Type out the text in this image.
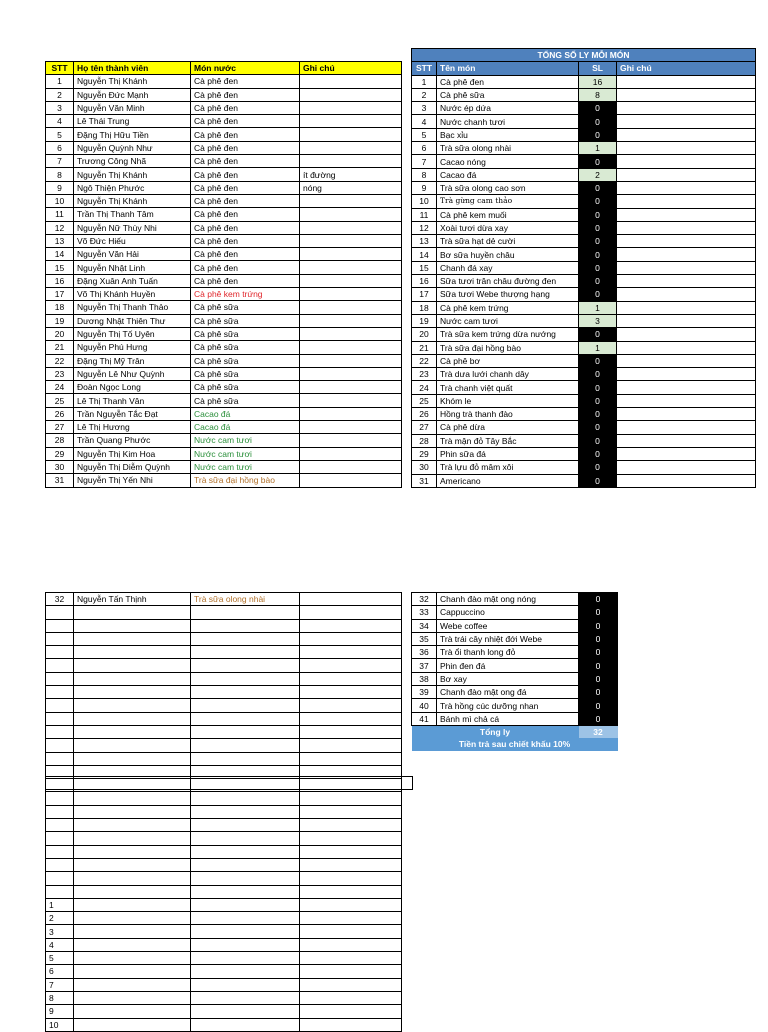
STT	Họ tên thành viên	Món nước	Ghi chú
1	Nguyễn Thị Khánh	Cà phê đen	
2	Nguyễn Đức Mạnh	Cà phê đen	
3	Nguyễn Văn Minh	Cà phê đen	
4	Lê Thái Trung	Cà phê đen	
5	Đặng Thị Hữu Tiền	Cà phê đen	
6	Nguyễn Quỳnh Như	Cà phê đen	
7	Trương Công Nhã	Cà phê đen	
8	Nguyễn Thị Khánh	Cà phê đen	ít đường
9	Ngô Thiện Phước	Cà phê đen	nóng
10	Nguyễn Thị Khánh	Cà phê đen	
11	Trần Thị Thanh Tâm	Cà phê đen	
12	Nguyễn Nữ Thùy Nhi	Cà phê đen	
13	Võ Đức Hiếu	Cà phê đen	
14	Nguyễn Văn Hải	Cà phê đen	
15	Nguyễn Nhật Linh	Cà phê đen	
16	Đặng Xuân Anh Tuấn	Cà phê đen	
17	Võ Thị Khánh Huyền	Cà phê kem trứng	
18	Nguyễn Thị Thanh Thảo	Cà phê sữa	
19	Dương Nhật Thiên Thư	Cà phê sữa	
20	Nguyễn Thị Tố Uyên	Cà phê sữa	
21	Nguyễn Phú Hưng	Cà phê sữa	
22	Đặng Thị Mỹ Trân	Cà phê sữa	
23	Nguyễn Lê Như Quỳnh	Cà phê sữa	
24	Đoàn Ngọc Long	Cà phê sữa	
25	Lê Thị Thanh Vân	Cà phê sữa	
26	Trần Nguyễn Tắc Đạt	Cacao đá	
27	Lê Thị Hương	Cacao đá	
28	Trần Quang Phước	Nước cam tươi	
29	Nguyễn Thị Kim Hoa	Nước cam tươi	
30	Nguyễn Thị Diễm Quỳnh	Nước cam tươi	
31	Nguyễn Thị Yến Nhi	Trà sữa đại hồng bào	
TỔNG SỐ LY MỖI MÓN			
STT	Tên món	SL	Ghi chú
1	Cà phê đen	16	
2	Cà phê sữa	8	
3	Nước ép dứa	0	
4	Nước chanh tươi	0	
5	Bạc xỉu	0	
6	Trà sữa olong nhài	1	
7	Cacao nóng	0	
8	Cacao đá	2	
9	Trà sữa olong cao sơn	0	
10	Trà gừng cam thảo	0	
11	Cà phê kem muối	0	
12	Xoài tươi dừa xay	0	
13	Trà sữa hạt dẻ cười	0	
14	Bơ sữa huyền châu	0	
15	Chanh đá xay	0	
16	Sữa tươi trân châu đường đen	0	
17	Sữa tươi Webe thượng hạng	0	
18	Cà phê kem trứng	1	
19	Nước cam tươi	3	
20	Trà sữa kem trứng dừa nướng	0	
21	Trà sữa đại hồng bào	1	
22	Cà phê bơ	0	
23	Trà dưa lưới chanh dây	0	
24	Trà chanh việt quất	0	
25	Khóm le	0	
26	Hồng trà thanh đào	0	
27	Cà phê dừa	0	
28	Trà mận đỏ Tây Bắc	0	
29	Phin sữa đá	0	
30	Trà lựu đỏ mâm xôi	0	
31	Americano	0	
32	Nguyễn Tấn Thịnh	Trà sữa olong nhài	

1			
2			
3			
4			
5			
6			
7			
8			
9			
10			
32	Chanh đào mật ong nóng	0
33	Cappuccino	0
34	Webe coffee	0
35	Trà trái cây nhiệt đới Webe	0
36	Trà ổi thanh long đỏ	0
37	Phin đen đá	0
38	Bơ xay	0
39	Chanh đào mật ong đá	0
40	Trà hồng cúc dưỡng nhan	0
41	Bánh mì chả cá	0
Tổng ly		32
Tiền trả sau chiết khấu 10%		
